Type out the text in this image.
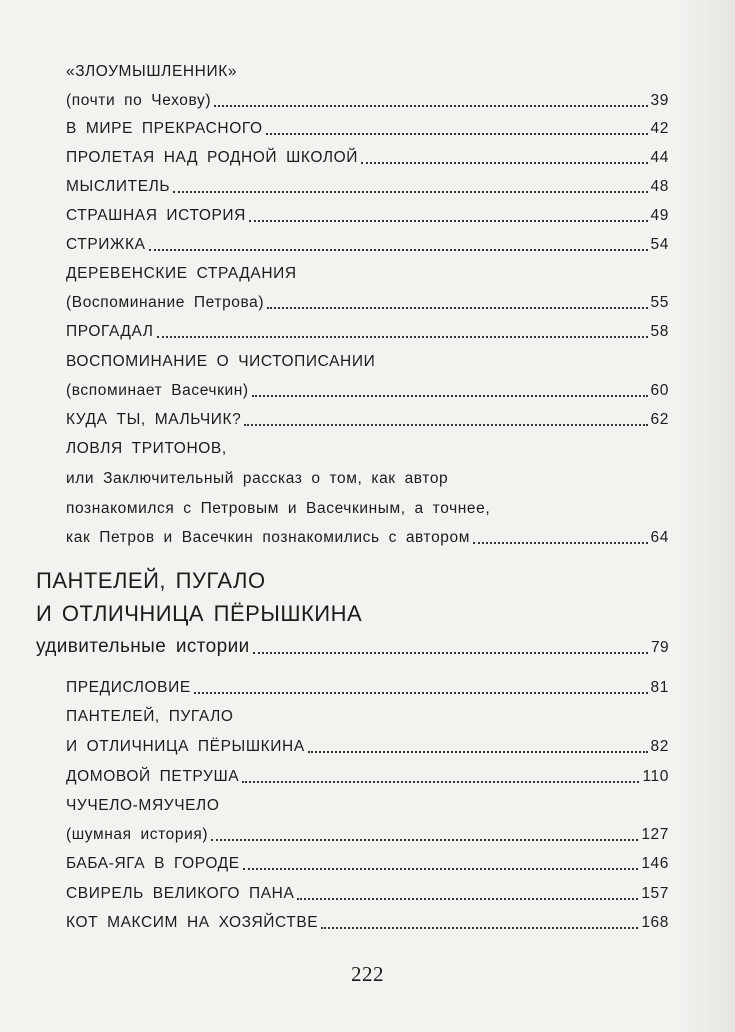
«ЗЛОУМЫШЛЕННИК»
(почти по Чехову)	39
В МИРЕ ПРЕКРАСНОГО	42
ПРОЛЕТАЯ НАД РОДНОЙ ШКОЛОЙ	44
МЫСЛИТЕЛЬ	48
СТРАШНАЯ ИСТОРИЯ	49
СТРИЖКА	54
ДЕРЕВЕНСКИЕ СТРАДАНИЯ
(Воспоминание Петрова)	55
ПРОГАДАЛ	58
ВОСПОМИНАНИЕ О ЧИСТОПИСАНИИ
(вспоминает Васечкин)	60
КУДА ТЫ, МАЛЬЧИК?	62
ЛОВЛЯ ТРИТОНОВ,
или Заключительный рассказ о том, как автор
познакомился с Петровым и Васечкиным, а точнее,
как Петров и Васечкин познакомились с автором	64
ПАНТЕЛЕЙ, ПУГАЛО
И ОТЛИЧНИЦА ПЁРЫШКИНА
удивительные истории	79
ПРЕДИСЛОВИЕ	81
ПАНТЕЛЕЙ, ПУГАЛО
И ОТЛИЧНИЦА ПЁРЫШКИНА	82
ДОМОВОЙ ПЕТРУША	110
ЧУЧЕЛО-МЯУЧЕЛО
(шумная история)	127
БАБА-ЯГА В ГОРОДЕ	146
СВИРЕЛЬ ВЕЛИКОГО ПАНА	157
КОТ МАКСИМ НА ХОЗЯЙСТВЕ	168
222
